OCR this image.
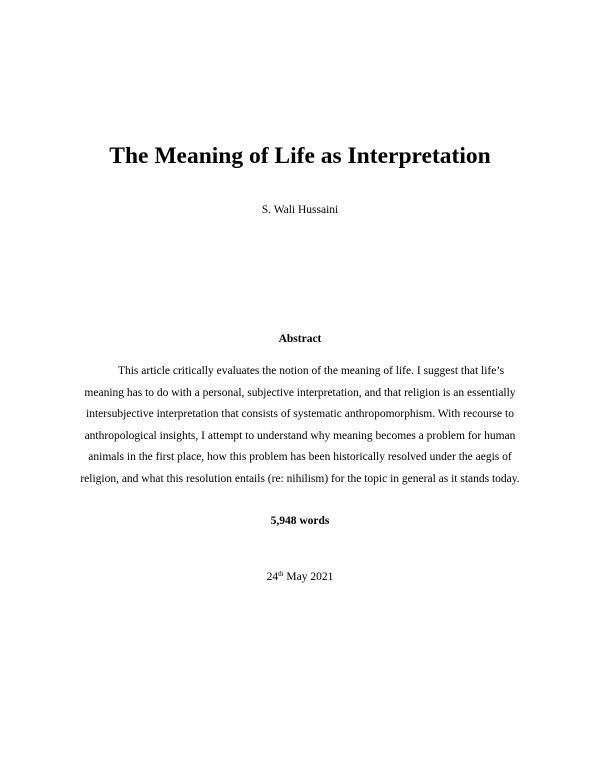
The Meaning of Life as Interpretation
S. Wali Hussaini
Abstract
This article critically evaluates the notion of the meaning of life. I suggest that life’s
meaning has to do with a personal, subjective interpretation, and that religion is an essentially
intersubjective interpretation that consists of systematic anthropomorphism. With recourse to
anthropological insights, I attempt to understand why meaning becomes a problem for human
animals in the first place, how this problem has been historically resolved under the aegis of
religion, and what this resolution entails (re: nihilism) for the topic in general as it stands today.
5,948 words
24th May 2021
